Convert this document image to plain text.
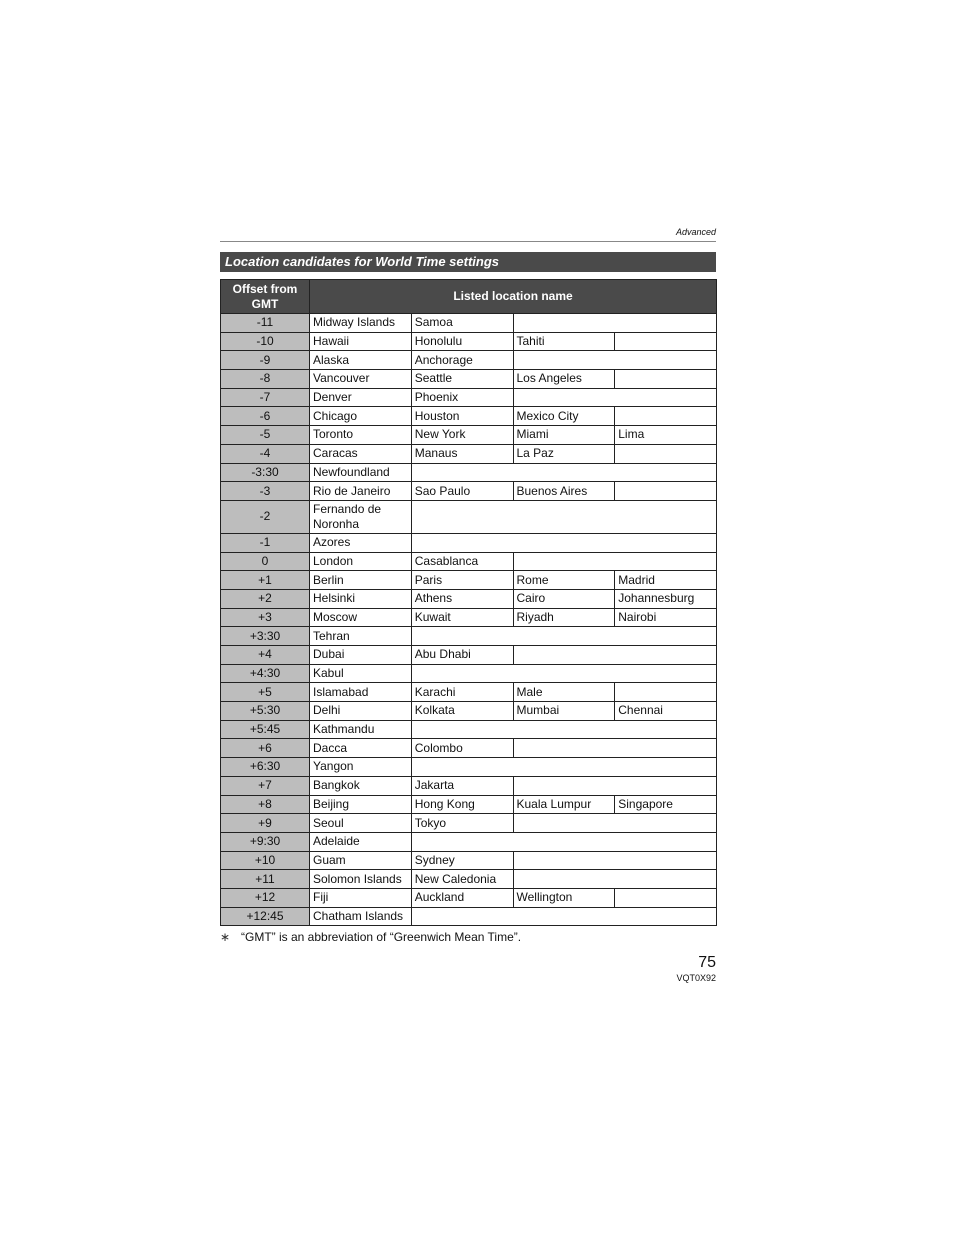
Advanced
Location candidates for World Time settings
Offset from GMT	Listed location name			
-11	Midway Islands	Samoa		
-10	Hawaii	Honolulu	Tahiti	
-9	Alaska	Anchorage		
-8	Vancouver	Seattle	Los Angeles	
-7	Denver	Phoenix		
-6	Chicago	Houston	Mexico City	
-5	Toronto	New York	Miami	Lima
-4	Caracas	Manaus	La Paz	
-3:30	Newfoundland			
-3	Rio de Janeiro	Sao Paulo	Buenos Aires	
-2	Fernando de Noronha			
-1	Azores			
0	London	Casablanca		
+1	Berlin	Paris	Rome	Madrid
+2	Helsinki	Athens	Cairo	Johannesburg
+3	Moscow	Kuwait	Riyadh	Nairobi
+3:30	Tehran			
+4	Dubai	Abu Dhabi		
+4:30	Kabul			
+5	Islamabad	Karachi	Male	
+5:30	Delhi	Kolkata	Mumbai	Chennai
+5:45	Kathmandu			
+6	Dacca	Colombo		
+6:30	Yangon			
+7	Bangkok	Jakarta		
+8	Beijing	Hong Kong	Kuala Lumpur	Singapore
+9	Seoul	Tokyo		
+9:30	Adelaide			
+10	Guam	Sydney		
+11	Solomon Islands	New Caledonia		
+12	Fiji	Auckland	Wellington	
+12:45	Chatham Islands			
∗ “GMT” is an abbreviation of “Greenwich Mean Time”.
75
VQT0X92
